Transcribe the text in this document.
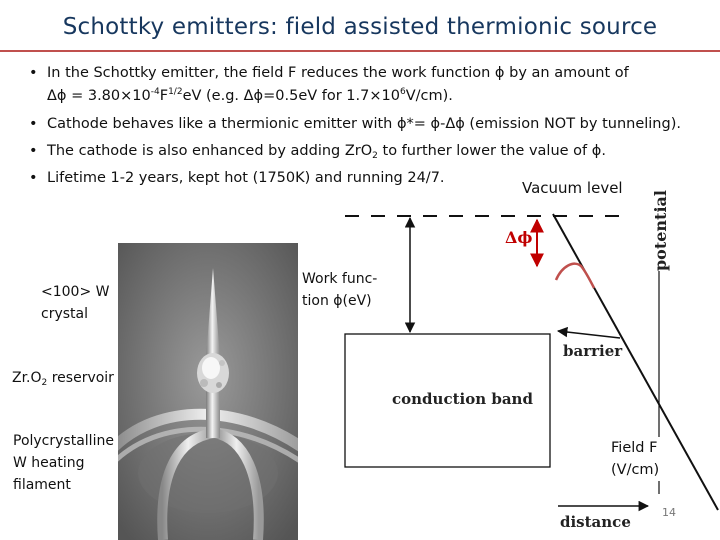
Schottky emitters: field assisted thermionic source
• In the Schottky emitter, the field F reduces the work function ϕ by an amount of
$\Delta\phi = 3.80\times 10^{-4}F^{1/2}eV$ (e.g. Δϕ=0.5eV for $1.7\times 10^6V/cm$).
• Cathode behaves like a thermionic emitter with ϕ*= ϕ-Δϕ (emission NOT by tunneling).
• The cathode is also enhanced by adding ZrO$_2$ to further lower the value of ϕ.
• Lifetime 1-2 years, kept hot (1750K) and running 24/7.
<100> W
crystal
$Zr.O_2$ reservoir
Polycrystalline
W heating
filament
Vacuum level
Δϕ
Work func-
tion ϕ(eV)
barrier
conduction band
potential
Field F
(V/cm)
distance
14
